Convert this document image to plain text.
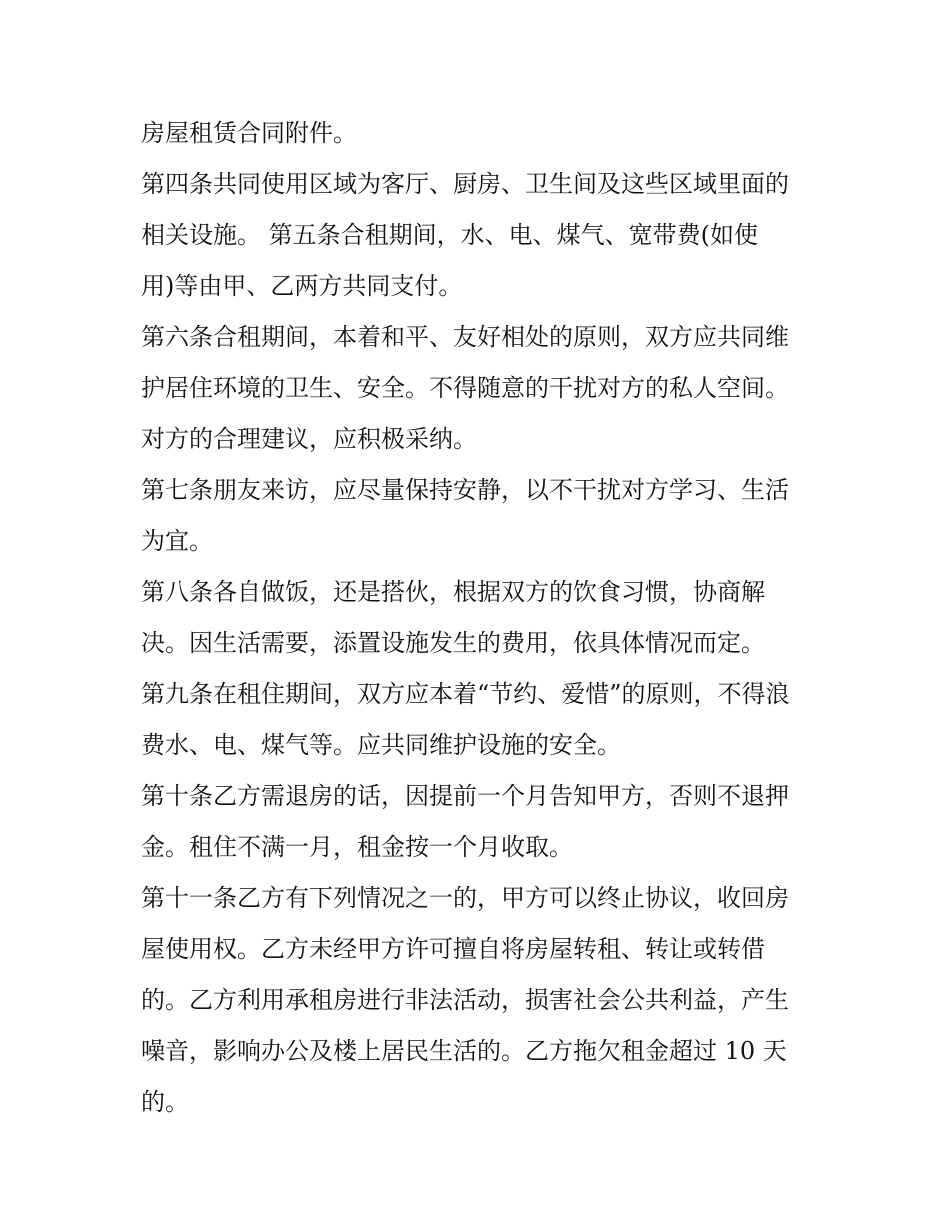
房屋租赁合同附件。
第四条共同使用区域为客厅、厨房、卫生间及这些区域里面的
相关设施。 第五条合租期间，水、电、煤气、宽带费(如使
用)等由甲、乙两方共同支付。
第六条合租期间，本着和平、友好相处的原则，双方应共同维
护居住环境的卫生、安全。不得随意的干扰对方的私人空间。
对方的合理建议，应积极采纳。
第七条朋友来访，应尽量保持安静，以不干扰对方学习、生活
为宜。
第八条各自做饭，还是搭伙，根据双方的饮食习惯，协商解
决。因生活需要，添置设施发生的费用，依具体情况而定。
第九条在租住期间，双方应本着“节约、爱惜”的原则，不得浪
费水、电、煤气等。应共同维护设施的安全。
第十条乙方需退房的话，因提前一个月告知甲方，否则不退押
金。租住不满一月，租金按一个月收取。
第十一条乙方有下列情况之一的，甲方可以终止协议，收回房
屋使用权。乙方未经甲方许可擅自将房屋转租、转让或转借
的。乙方利用承租房进行非法活动，损害社会公共利益，产生
噪音，影响办公及楼上居民生活的。乙方拖欠租金超过 10 天
的。
